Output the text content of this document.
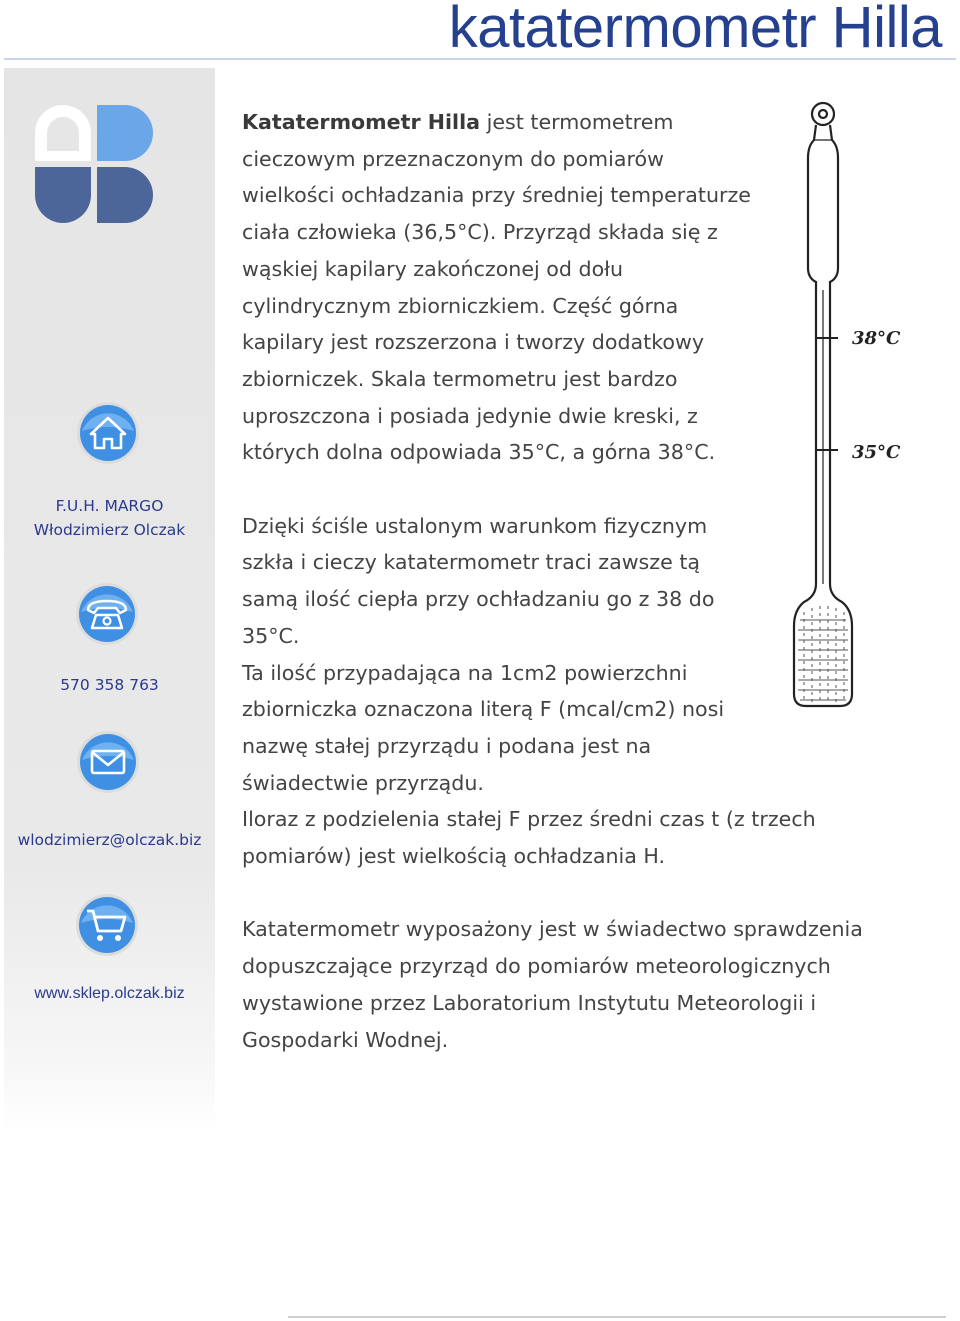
katatermometr Hilla
F.U.H. MARGO
Włodzimierz Olczak
570 358 763
wlodzimierz@olczak.biz
www.sklep.olczak.biz

Katatermometr Hilla jest termometrem cieczowym przeznaczonym do pomiarów wielkości ochładzania przy średniej temperaturze ciała człowieka (36,5°C). Przyrząd składa się z wąskiej kapilary zakończonej od dołu cylindrycznym zbiorniczkiem. Część górna kapilary jest rozszerzona i tworzy dodatkowy zbiorniczek. Skala termometru jest bardzo uproszczona i posiada jedynie dwie kreski, z których dolna odpowiada 35°C, a górna 38°C.

Dzięki ściśle ustalonym warunkom fizycznym szkła i cieczy katatermometr traci zawsze tą samą ilość ciepła przy ochładzaniu go z 38 do 35°C.

Ta ilość przypadająca na 1cm2 powierzchni zbiorniczka oznaczona literą F (mcal/cm2) nosi nazwę stałej przyrządu i podana jest na świadectwie przyrządu.

Iloraz z podzielenia stałej F przez średni czas t (z trzech pomiarów) jest wielkością ochładzania H.

Katatermometr wyposażony jest w świadectwo sprawdzenia dopuszczające przyrząd do pomiarów meteorologicznych wystawione przez Laboratorium Instytutu Meteorologii i Gospodarki Wodnej.

38°C
35°C
